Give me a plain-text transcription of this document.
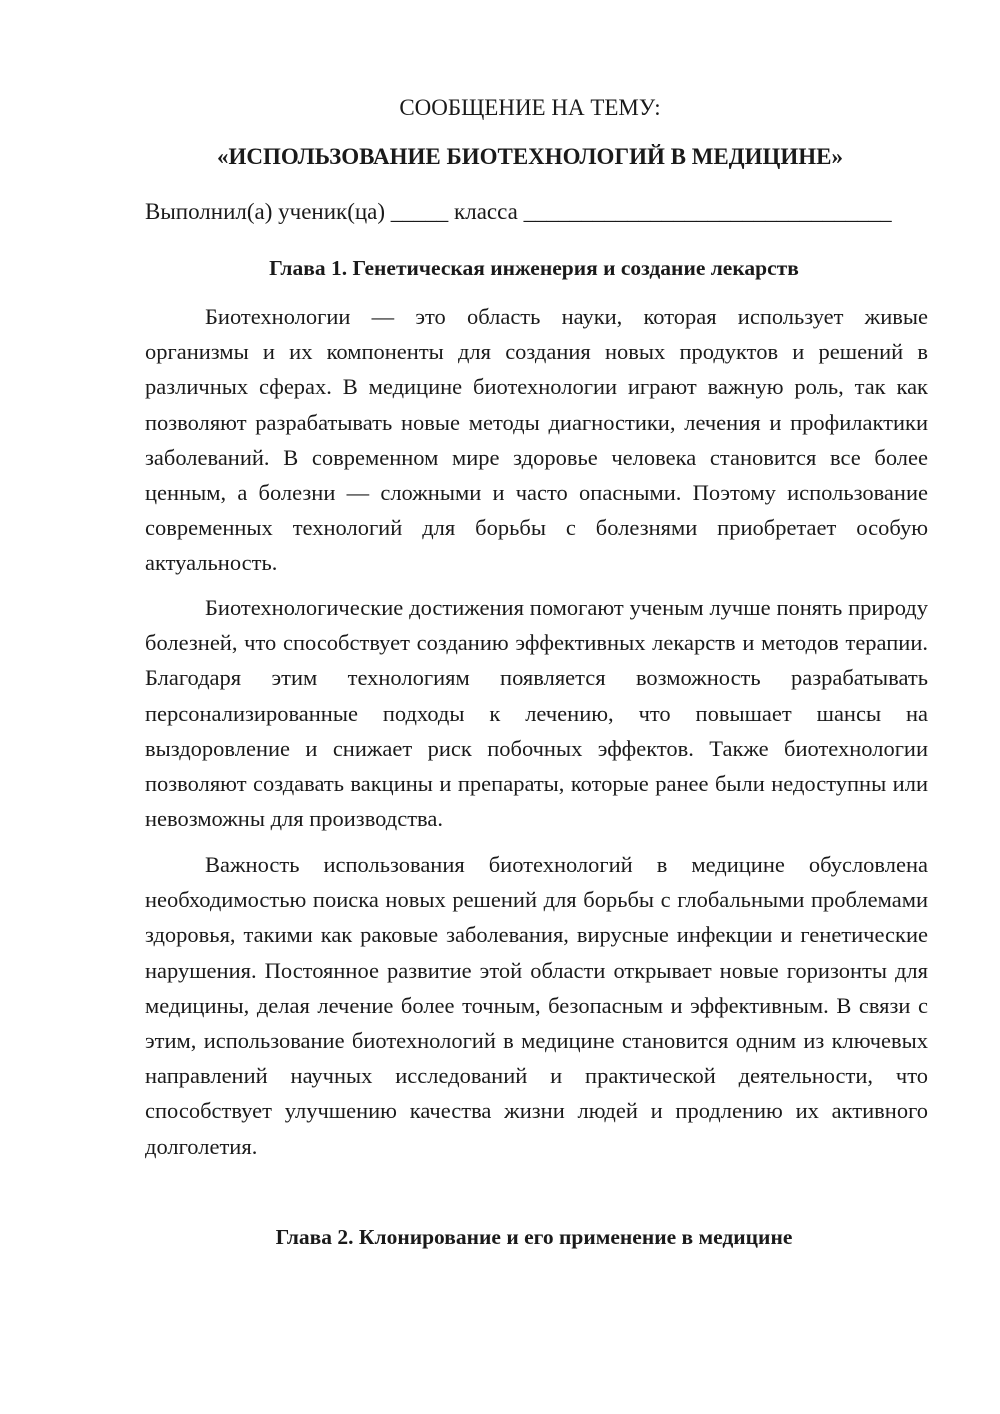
СООБЩЕНИЕ НА ТЕМУ:
«ИСПОЛЬЗОВАНИЕ БИОТЕХНОЛОГИЙ В МЕДИЦИНЕ»
Выполнил(а) ученик(ца) _____ класса ________________________________
Глава 1. Генетическая инженерия и создание лекарств

Биотехнологии — это область науки, которая использует живые организмы и их компоненты для создания новых продуктов и решений в различных сферах. В медицине биотехнологии играют важную роль, так как позволяют разрабатывать новые методы диагностики, лечения и профилактики заболеваний. В современном мире здоровье человека становится все более ценным, а болезни — сложными и часто опасными. Поэтому использование современных технологий для борьбы с болезнями приобретает особую актуальность.

Биотехнологические достижения помогают ученым лучше понять природу болезней, что способствует созданию эффективных лекарств и методов терапии. Благодаря этим технологиям появляется возможность разрабатывать персонализированные подходы к лечению, что повышает шансы на выздоровление и снижает риск побочных эффектов. Также биотехнологии позволяют создавать вакцины и препараты, которые ранее были недоступны или невозможны для производства.

Важность использования биотехнологий в медицине обусловлена необходимостью поиска новых решений для борьбы с глобальными проблемами здоровья, такими как раковые заболевания, вирусные инфекции и генетические нарушения. Постоянное развитие этой области открывает новые горизонты для медицины, делая лечение более точным, безопасным и эффективным. В связи с этим, использование биотехнологий в медицине становится одним из ключевых направлений научных исследований и практической деятельности, что способствует улучшению качества жизни людей и продлению их активного долголетия.

Глава 2. Клонирование и его применение в медицине
